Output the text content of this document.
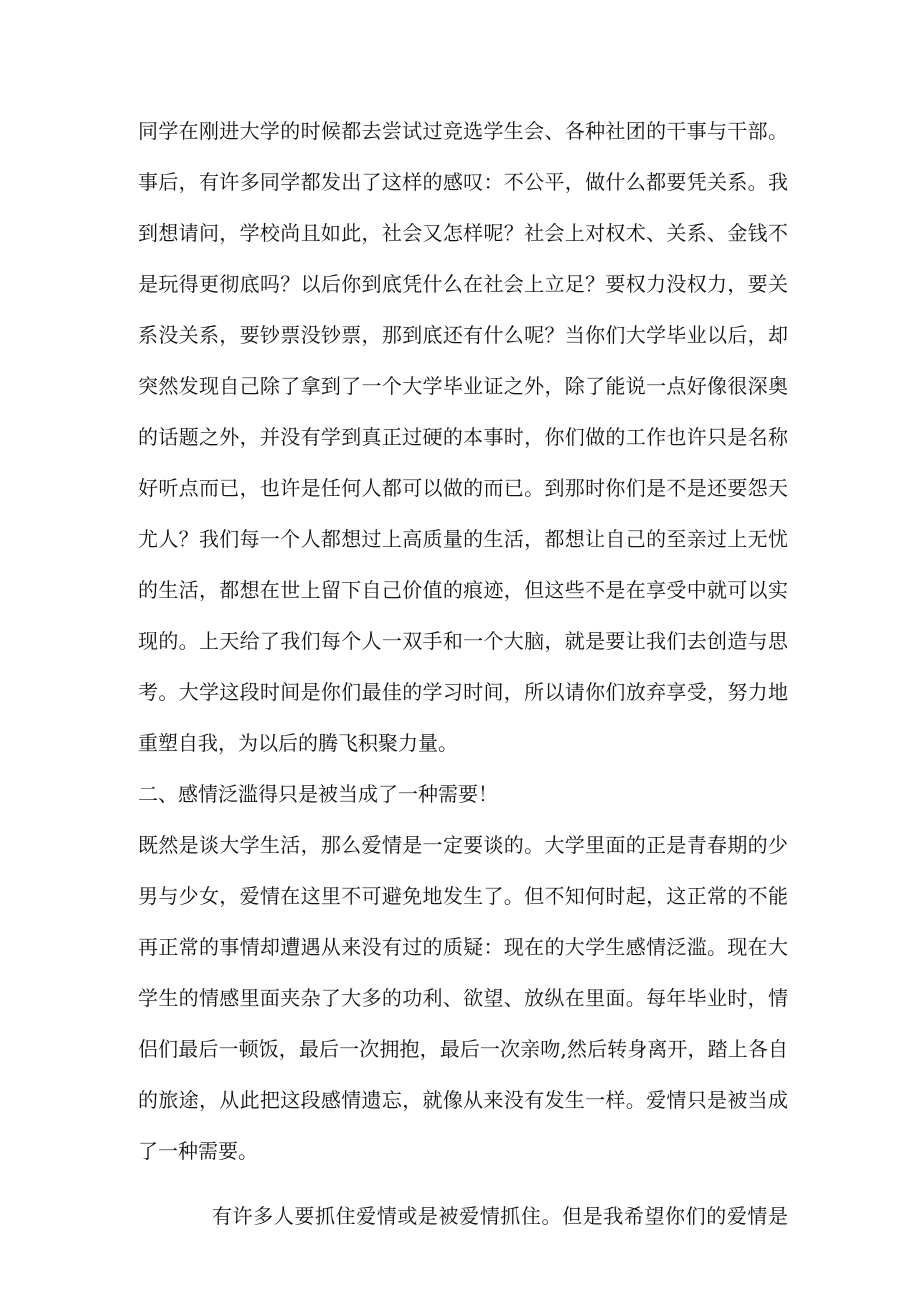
同学在刚进大学的时候都去尝试过竞选学生会、各种社团的干事与干部。
事后，有许多同学都发出了这样的感叹：不公平，做什么都要凭关系。我
到想请问，学校尚且如此，社会又怎样呢？社会上对权术、关系、金钱不
是玩得更彻底吗？以后你到底凭什么在社会上立足？要权力没权力，要关
系没关系，要钞票没钞票，那到底还有什么呢？当你们大学毕业以后，却
突然发现自己除了拿到了一个大学毕业证之外，除了能说一点好像很深奥
的话题之外，并没有学到真正过硬的本事时，你们做的工作也许只是名称
好听点而已，也许是任何人都可以做的而已。到那时你们是不是还要怨天
尤人？我们每一个人都想过上高质量的生活，都想让自己的至亲过上无忧
的生活，都想在世上留下自己价值的痕迹，但这些不是在享受中就可以实
现的。上天给了我们每个人一双手和一个大脑，就是要让我们去创造与思
考。大学这段时间是你们最佳的学习时间，所以请你们放弃享受，努力地
重塑自我，为以后的腾飞积聚力量。
二、感情泛滥得只是被当成了一种需要！
既然是谈大学生活，那么爱情是一定要谈的。大学里面的正是青春期的少
男与少女，爱情在这里不可避免地发生了。但不知何时起，这正常的不能
再正常的事情却遭遇从来没有过的质疑：现在的大学生感情泛滥。现在大
学生的情感里面夹杂了大多的功利、欲望、放纵在里面。每年毕业时，情
侣们最后一顿饭，最后一次拥抱，最后一次亲吻,然后转身离开，踏上各自
的旅途，从此把这段感情遗忘，就像从来没有发生一样。爱情只是被当成
了一种需要。
有许多人要抓住爱情或是被爱情抓住。但是我希望你们的爱情是
